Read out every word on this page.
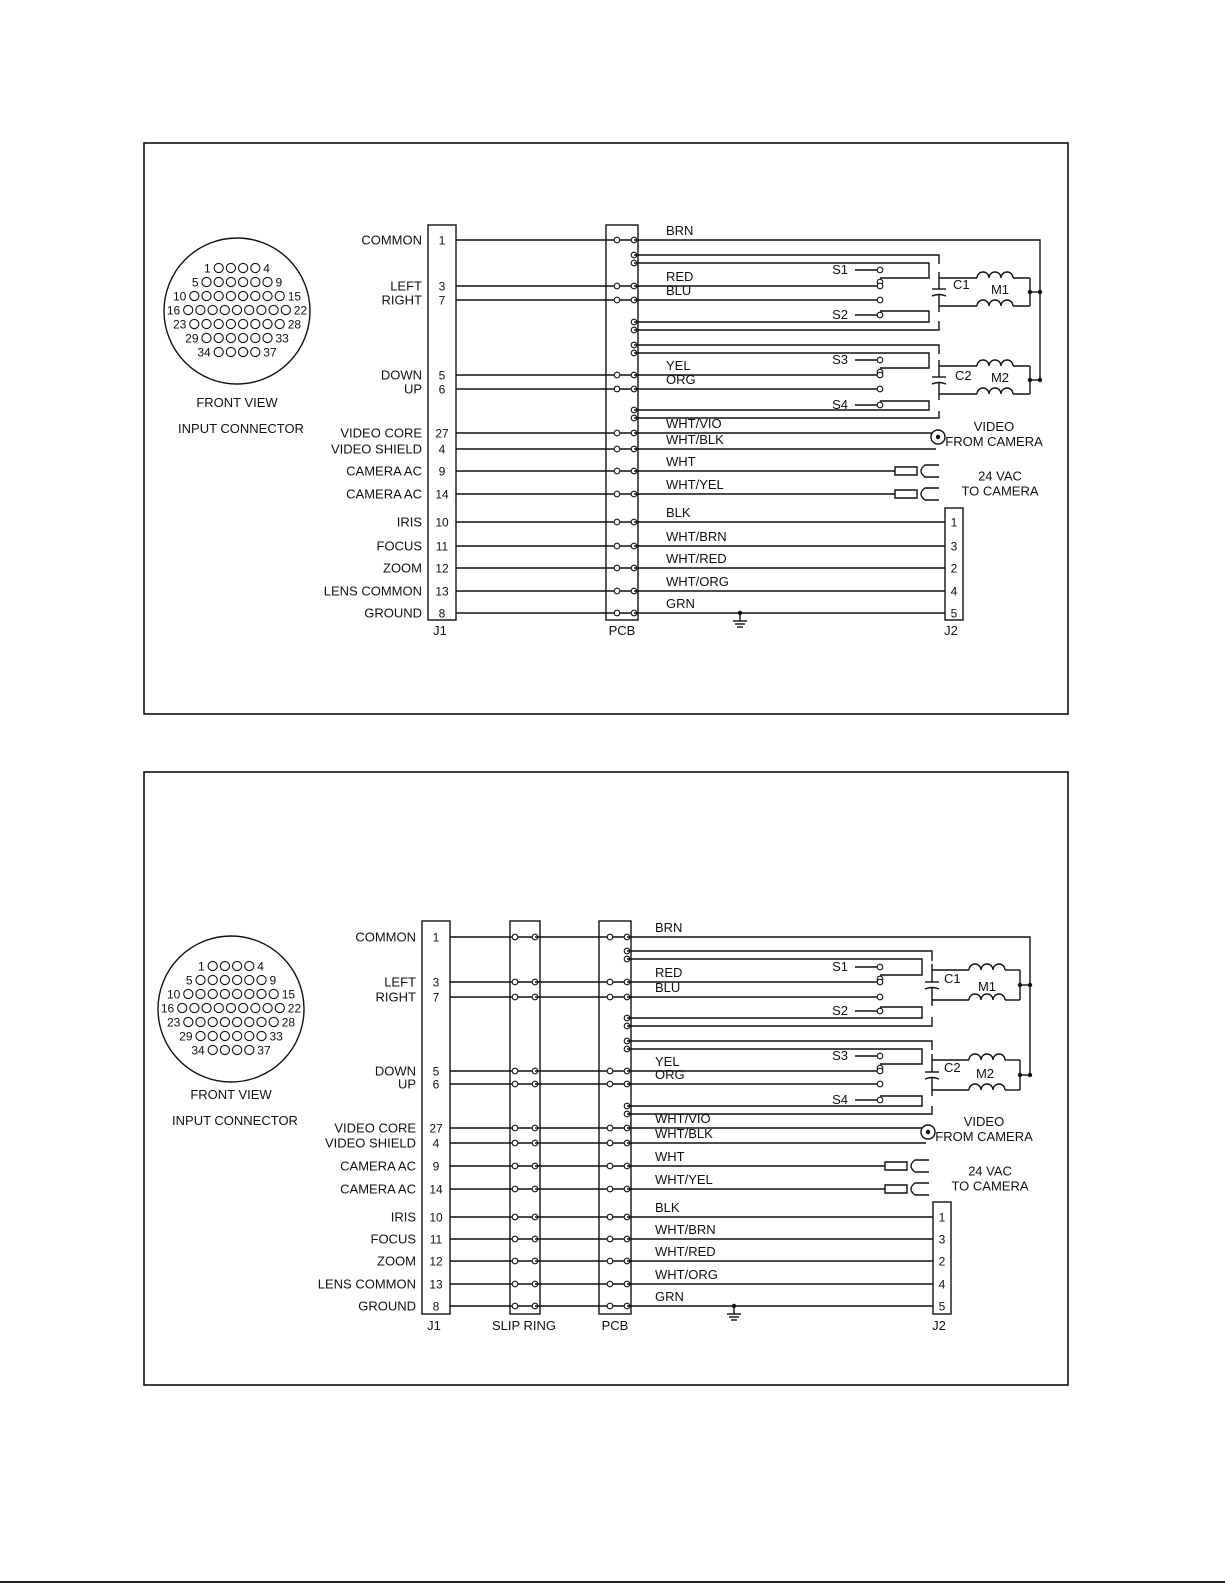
1	4
5	9
10	15
16	22
23	28
29	33
34	37
FRONT VIEW
INPUT CONNECTOR
J1	PCB	J2
COMMON 1
BRN
LEFT 3
RED
RIGHT 7
BLU
DOWN 5
YEL
UP 6
ORG
VIDEO CORE 27
WHT/VIO
VIDEO SHIELD 4
WHT/BLK
CAMERA AC 9
WHT
CAMERA AC 14
WHT/YEL
IRIS 10
BLK
FOCUS 11
WHT/BRN
ZOOM 12
WHT/RED
LENS COMMON 13
WHT/ORG
GROUND 8
GRN
S1
S2
C1 M1
S3
S4
C2 M2
VIDEO
FROM CAMERA
24 VAC
TO CAMERA
1
3
2
4
5
1	4
5	9
10	15
16	22
23	28
29	33
34	37
FRONT VIEW
INPUT CONNECTOR
J1	PCB	J2
SLIP RING
COMMON 1
BRN
LEFT 3
RED
RIGHT 7
BLU
DOWN 5
YEL
UP 6
ORG
VIDEO CORE 27
WHT/VIO
VIDEO SHIELD 4
WHT/BLK
CAMERA AC 9
WHT
CAMERA AC 14
WHT/YEL
IRIS 10
BLK
FOCUS 11
WHT/BRN
ZOOM 12
WHT/RED
LENS COMMON 13
WHT/ORG
GROUND 8
GRN
S1
S2
C1
M1
S3
S4
C2 M2
VIDEO
FROM CAMERA
24 VAC
TO CAMERA
1
3
2
4
5
